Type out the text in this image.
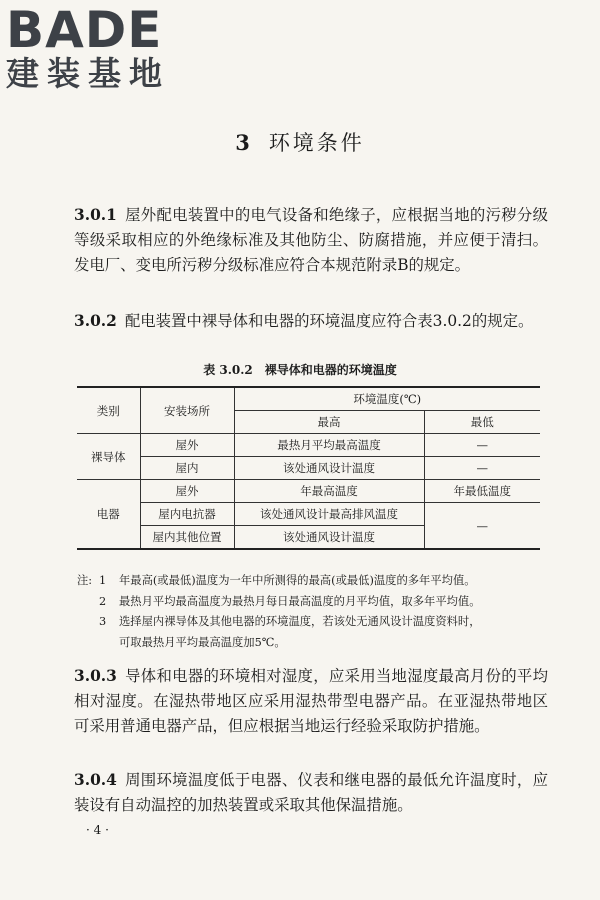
BADE
建装基地
3 环境条件
3.0.1 屋外配电装置中的电气设备和绝缘子，应根据当地的污秽分级等级采取相应的外绝缘标准及其他防尘、防腐措施，并应便于清扫。发电厂、变电所污秽分级标准应符合本规范附录B的规定。
3.0.2 配电装置中裸导体和电器的环境温度应符合表3.0.2的规定。
表 3.0.2 裸导体和电器的环境温度
类别	安装场所	环境温度(℃)	
		最高	最低
裸导体	屋外	最热月平均最高温度	—
	屋内	该处通风设计温度	—
电器	屋外	年最高温度	年最低温度
	屋内电抗器	该处通风设计最高排风温度	—
	屋内其他位置	该处通风设计温度	
注: 1	年最高(或最低)温度为一年中所测得的最高(或最低)温度的多年平均值。
2	最热月平均最高温度为最热月每日最高温度的月平均值，取多年平均值。
3	选择屋内裸导体及其他电器的环境温度，若该处无通风设计温度资料时，
可取最热月平均最高温度加5℃。
3.0.3 导体和电器的环境相对湿度，应采用当地湿度最高月份的平均相对湿度。在湿热带地区应采用湿热带型电器产品。在亚湿热带地区可采用普通电器产品，但应根据当地运行经验采取防护措施。
3.0.4 周围环境温度低于电器、仪表和继电器的最低允许温度时，应装设有自动温控的加热装置或采取其他保温措施。
· 4 ·
